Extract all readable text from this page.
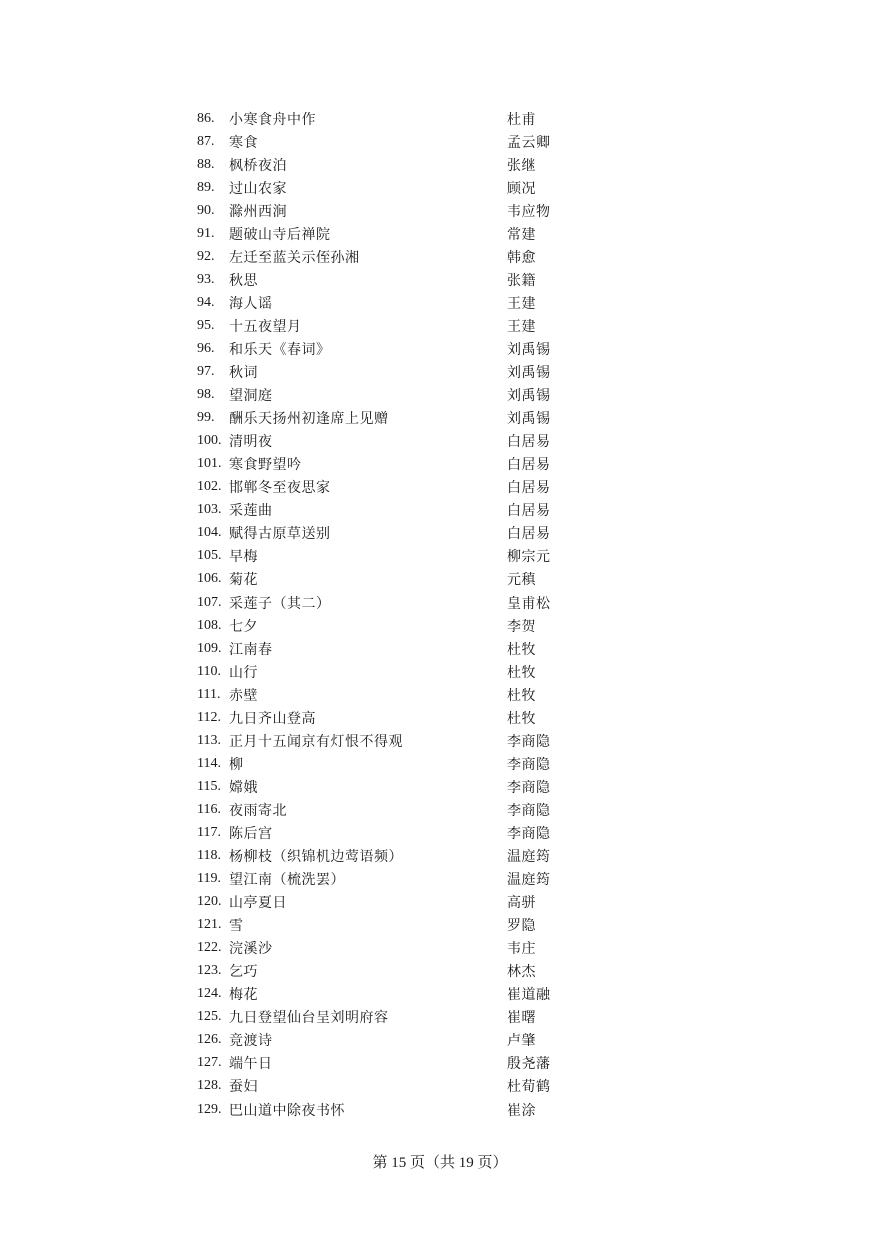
86.	小寒食舟中作	杜甫
87.	寒食	孟云卿
88.	枫桥夜泊	张继
89.	过山农家	顾况
90.	滁州西涧	韦应物
91.	题破山寺后禅院	常建
92.	左迁至蓝关示侄孙湘	韩愈
93.	秋思	张籍
94.	海人谣	王建
95.	十五夜望月	王建
96.	和乐天《春词》	刘禹锡
97.	秋词	刘禹锡
98.	望洞庭	刘禹锡
99.	酬乐天扬州初逢席上见赠	刘禹锡
100. 清明夜	白居易
101. 寒食野望吟	白居易
102. 邯郸冬至夜思家	白居易
103. 采莲曲	白居易
104. 赋得古原草送别	白居易
105. 早梅	柳宗元
106. 菊花	元稹
107. 采莲子（其二）	皇甫松
108. 七夕	李贺
109. 江南春	杜牧
110. 山行	杜牧
111. 赤壁	杜牧
112. 九日齐山登高	杜牧
113. 正月十五闻京有灯恨不得观	李商隐
114. 柳	李商隐
115. 嫦娥	李商隐
116. 夜雨寄北	李商隐
117. 陈后宫	李商隐
118. 杨柳枝（织锦机边莺语频）	温庭筠
119. 望江南（梳洗罢）	温庭筠
120. 山亭夏日	高骈
121. 雪	罗隐
122. 浣溪沙	韦庄
123. 乞巧	林杰
124. 梅花	崔道融
125. 九日登望仙台呈刘明府容	崔曙
126. 竞渡诗	卢肇
127. 端午日	殷尧藩
128. 蚕妇	杜荀鹤
129. 巴山道中除夜书怀	崔涂
第 15 页（共 19 页）
